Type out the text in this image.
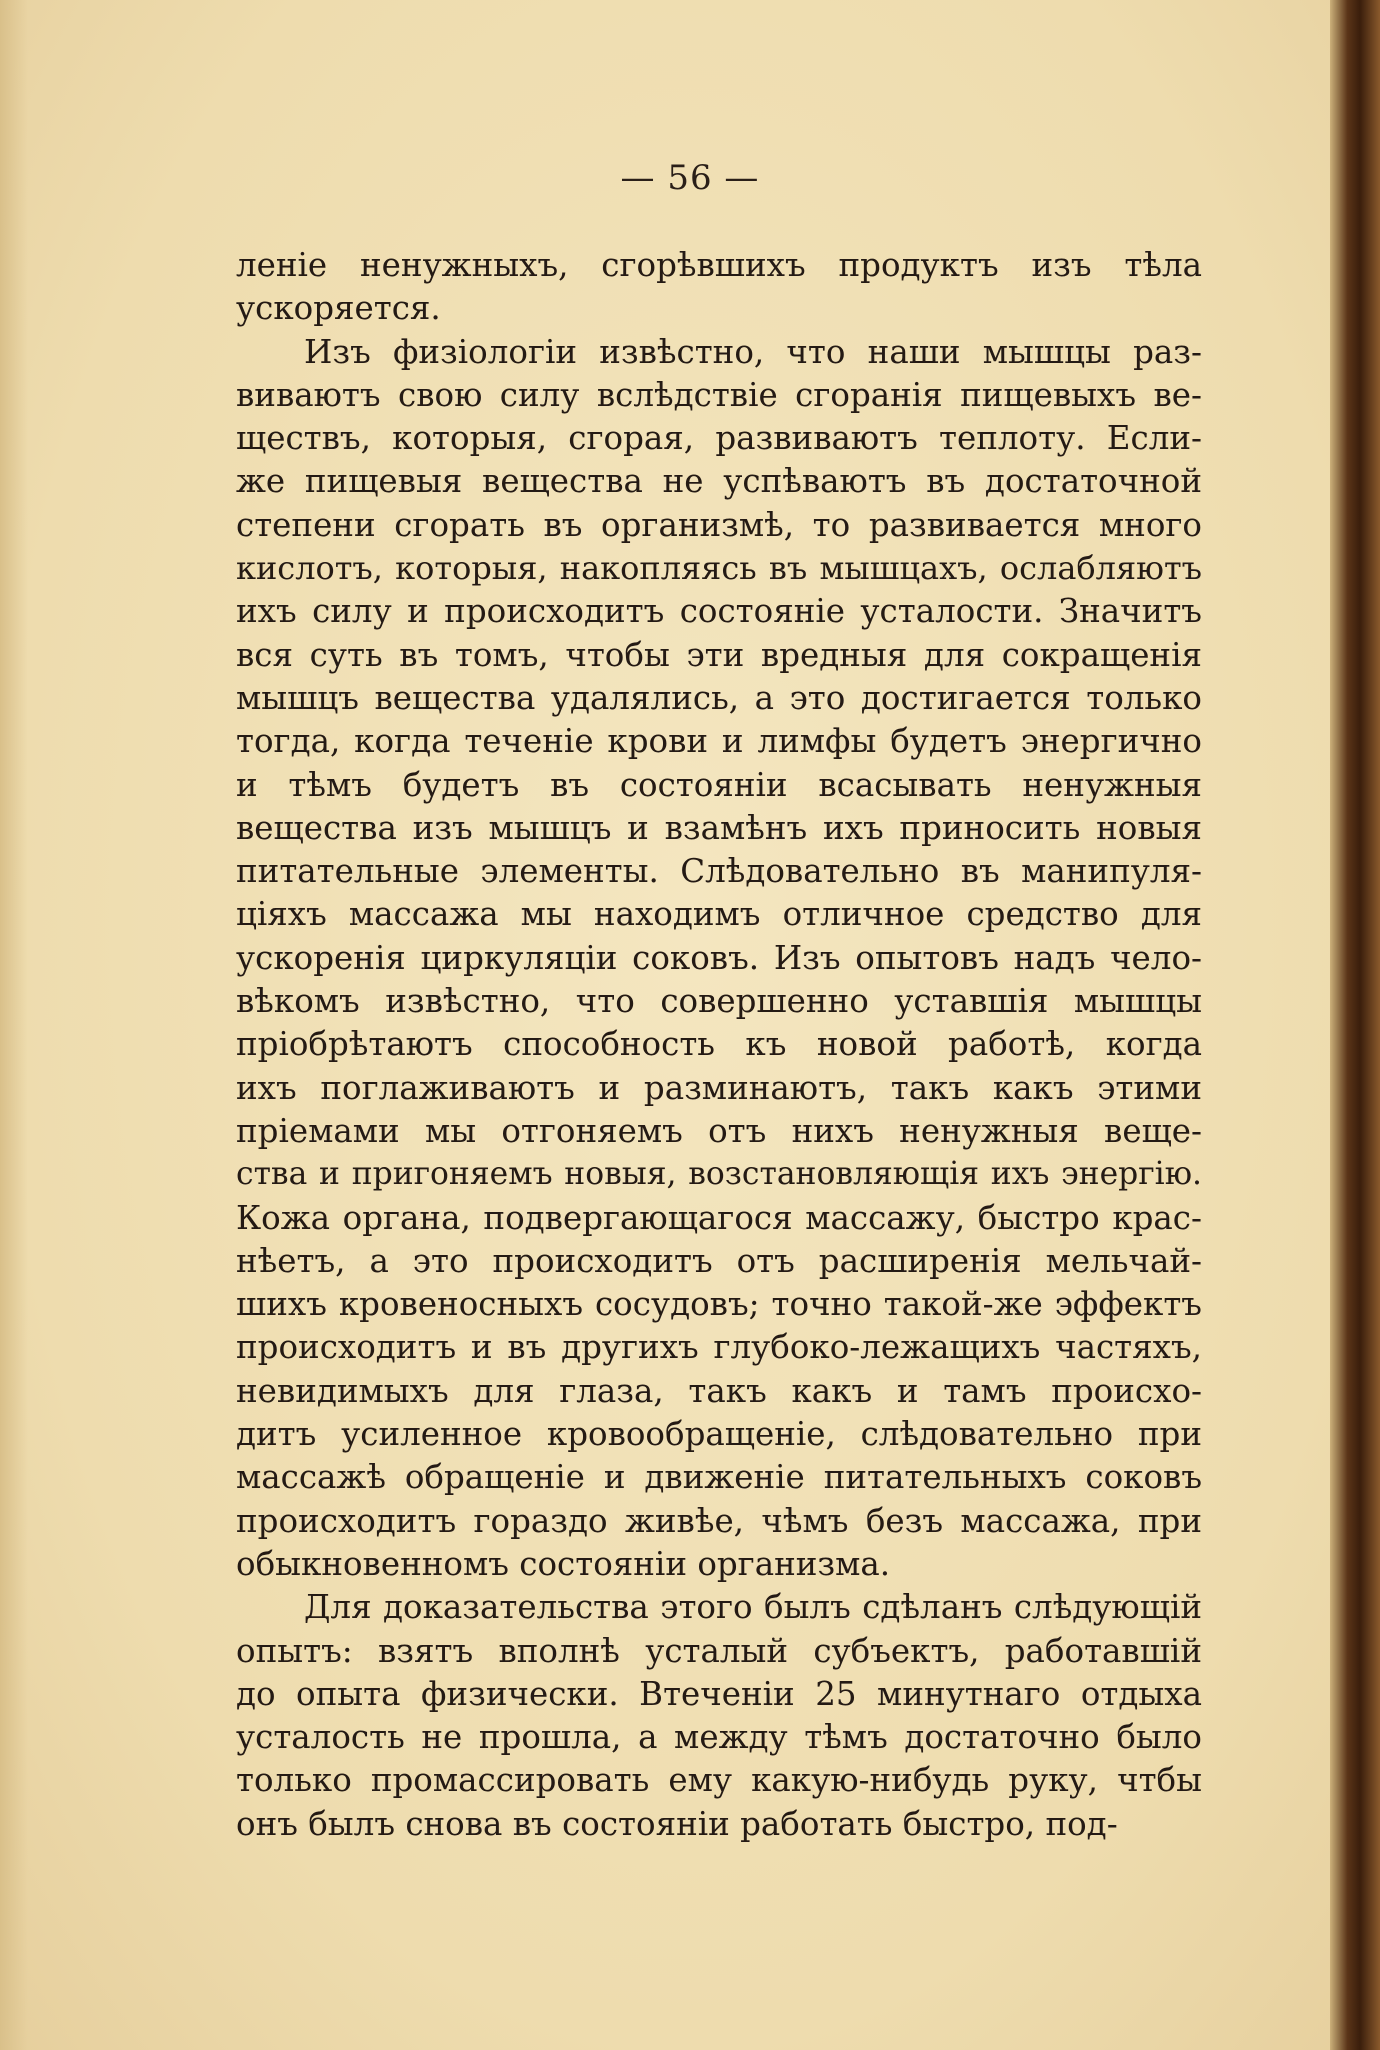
— 56 —
леніе ненужныхъ, сгорѣвшихъ продуктъ изъ тѣла
ускоряется.
Изъ физіологіи извѣстно, что наши мышцы раз-
виваютъ свою силу вслѣдствіе сгоранія пищевыхъ ве-
ществъ, которыя, сгорая, развиваютъ теплоту. Если-
же пищевыя вещества не успѣваютъ въ достаточной
степени сгорать въ организмѣ, то развивается много
кислотъ, которыя, накопляясь въ мышцахъ, ослабляютъ
ихъ силу и происходитъ состояніе усталости. Значитъ
вся суть въ томъ, чтобы эти вредныя для сокращенія
мышцъ вещества удалялись, а это достигается только
тогда, когда теченіе крови и лимфы будетъ энергично
и тѣмъ будетъ въ состояніи всасывать ненужныя
вещества изъ мышцъ и взамѣнъ ихъ приносить новыя
питательные элементы. Слѣдовательно въ манипуля-
ціяхъ массажа мы находимъ отличное средство для
ускоренія циркуляціи соковъ. Изъ опытовъ надъ чело-
вѣкомъ извѣстно, что совершенно уставшія мышцы
пріобрѣтаютъ способность къ новой работѣ, когда
ихъ поглаживаютъ и разминаютъ, такъ какъ этими
пріемами мы отгоняемъ отъ нихъ ненужныя веще-
ства и пригоняемъ новыя, возстановляющія ихъ энергію.
Кожа органа, подвергающагося массажу, быстро крас-
нѣетъ, а это происходитъ отъ расширенія мельчай-
шихъ кровеносныхъ сосудовъ; точно такой-же эффектъ
происходитъ и въ другихъ глубоко-лежащихъ частяхъ,
невидимыхъ для глаза, такъ какъ и тамъ происхо-
дитъ усиленное кровообращеніе, слѣдовательно при
массажѣ обращеніе и движеніе питательныхъ соковъ
происходитъ гораздо живѣе, чѣмъ безъ массажа, при
обыкновенномъ состояніи организма.
Для доказательства этого былъ сдѣланъ слѣдующій
опытъ: взятъ вполнѣ усталый субъектъ, работавшій
до опыта физически. Втеченіи 25 минутнаго отдыха
усталость не прошла, а между тѣмъ достаточно было
только промассировать ему какую-нибудь руку, чтбы
онъ былъ снова въ состояніи работать быстро, под-
